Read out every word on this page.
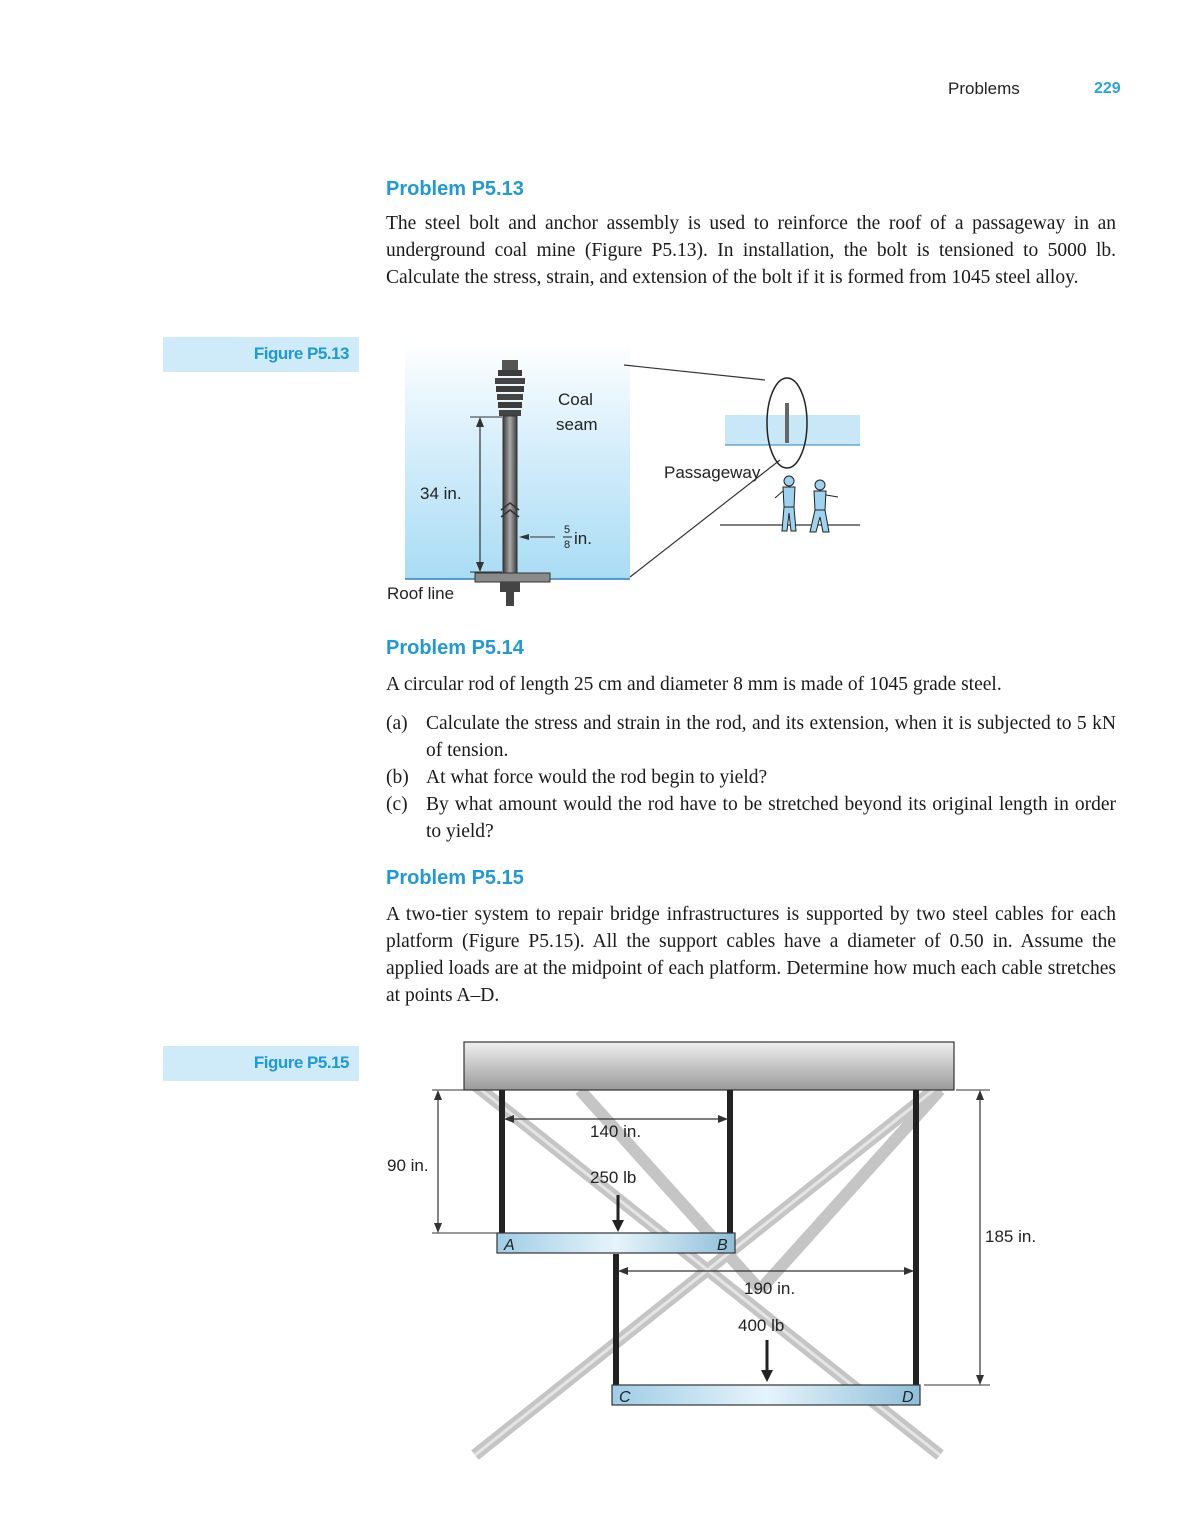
Problems	229
Problem P5.13
The steel bolt and anchor assembly is used to reinforce the roof of a passageway in an underground coal mine (Figure P5.13). In installation, the bolt is tensioned to 5000 lb. Calculate the stress, strain, and extension of the bolt if it is formed from 1045 steel alloy.
Figure P5.13
34 in.
5
8 in.
Coal
seam
Roof line
Passageway
Problem P5.14
A circular rod of length 25 cm and diameter 8 mm is made of 1045 grade steel.
(a) Calculate the stress and strain in the rod, and its extension, when it is subjected to 5 kN of tension.
(b) At what force would the rod begin to yield?
(c) By what amount would the rod have to be stretched beyond its original length in order to yield?
Problem P5.15
A two-tier system to repair bridge infrastructures is supported by two steel cables for each platform (Figure P5.15). All the support cables have a diameter of 0.50 in. Assume the applied loads are at the midpoint of each platform. Determine how much each cable stretches at points A–D.
Figure P5.15
90 in.
140 in.
250 lb
A	B
190 in.
400 lb
C	D
185 in.
